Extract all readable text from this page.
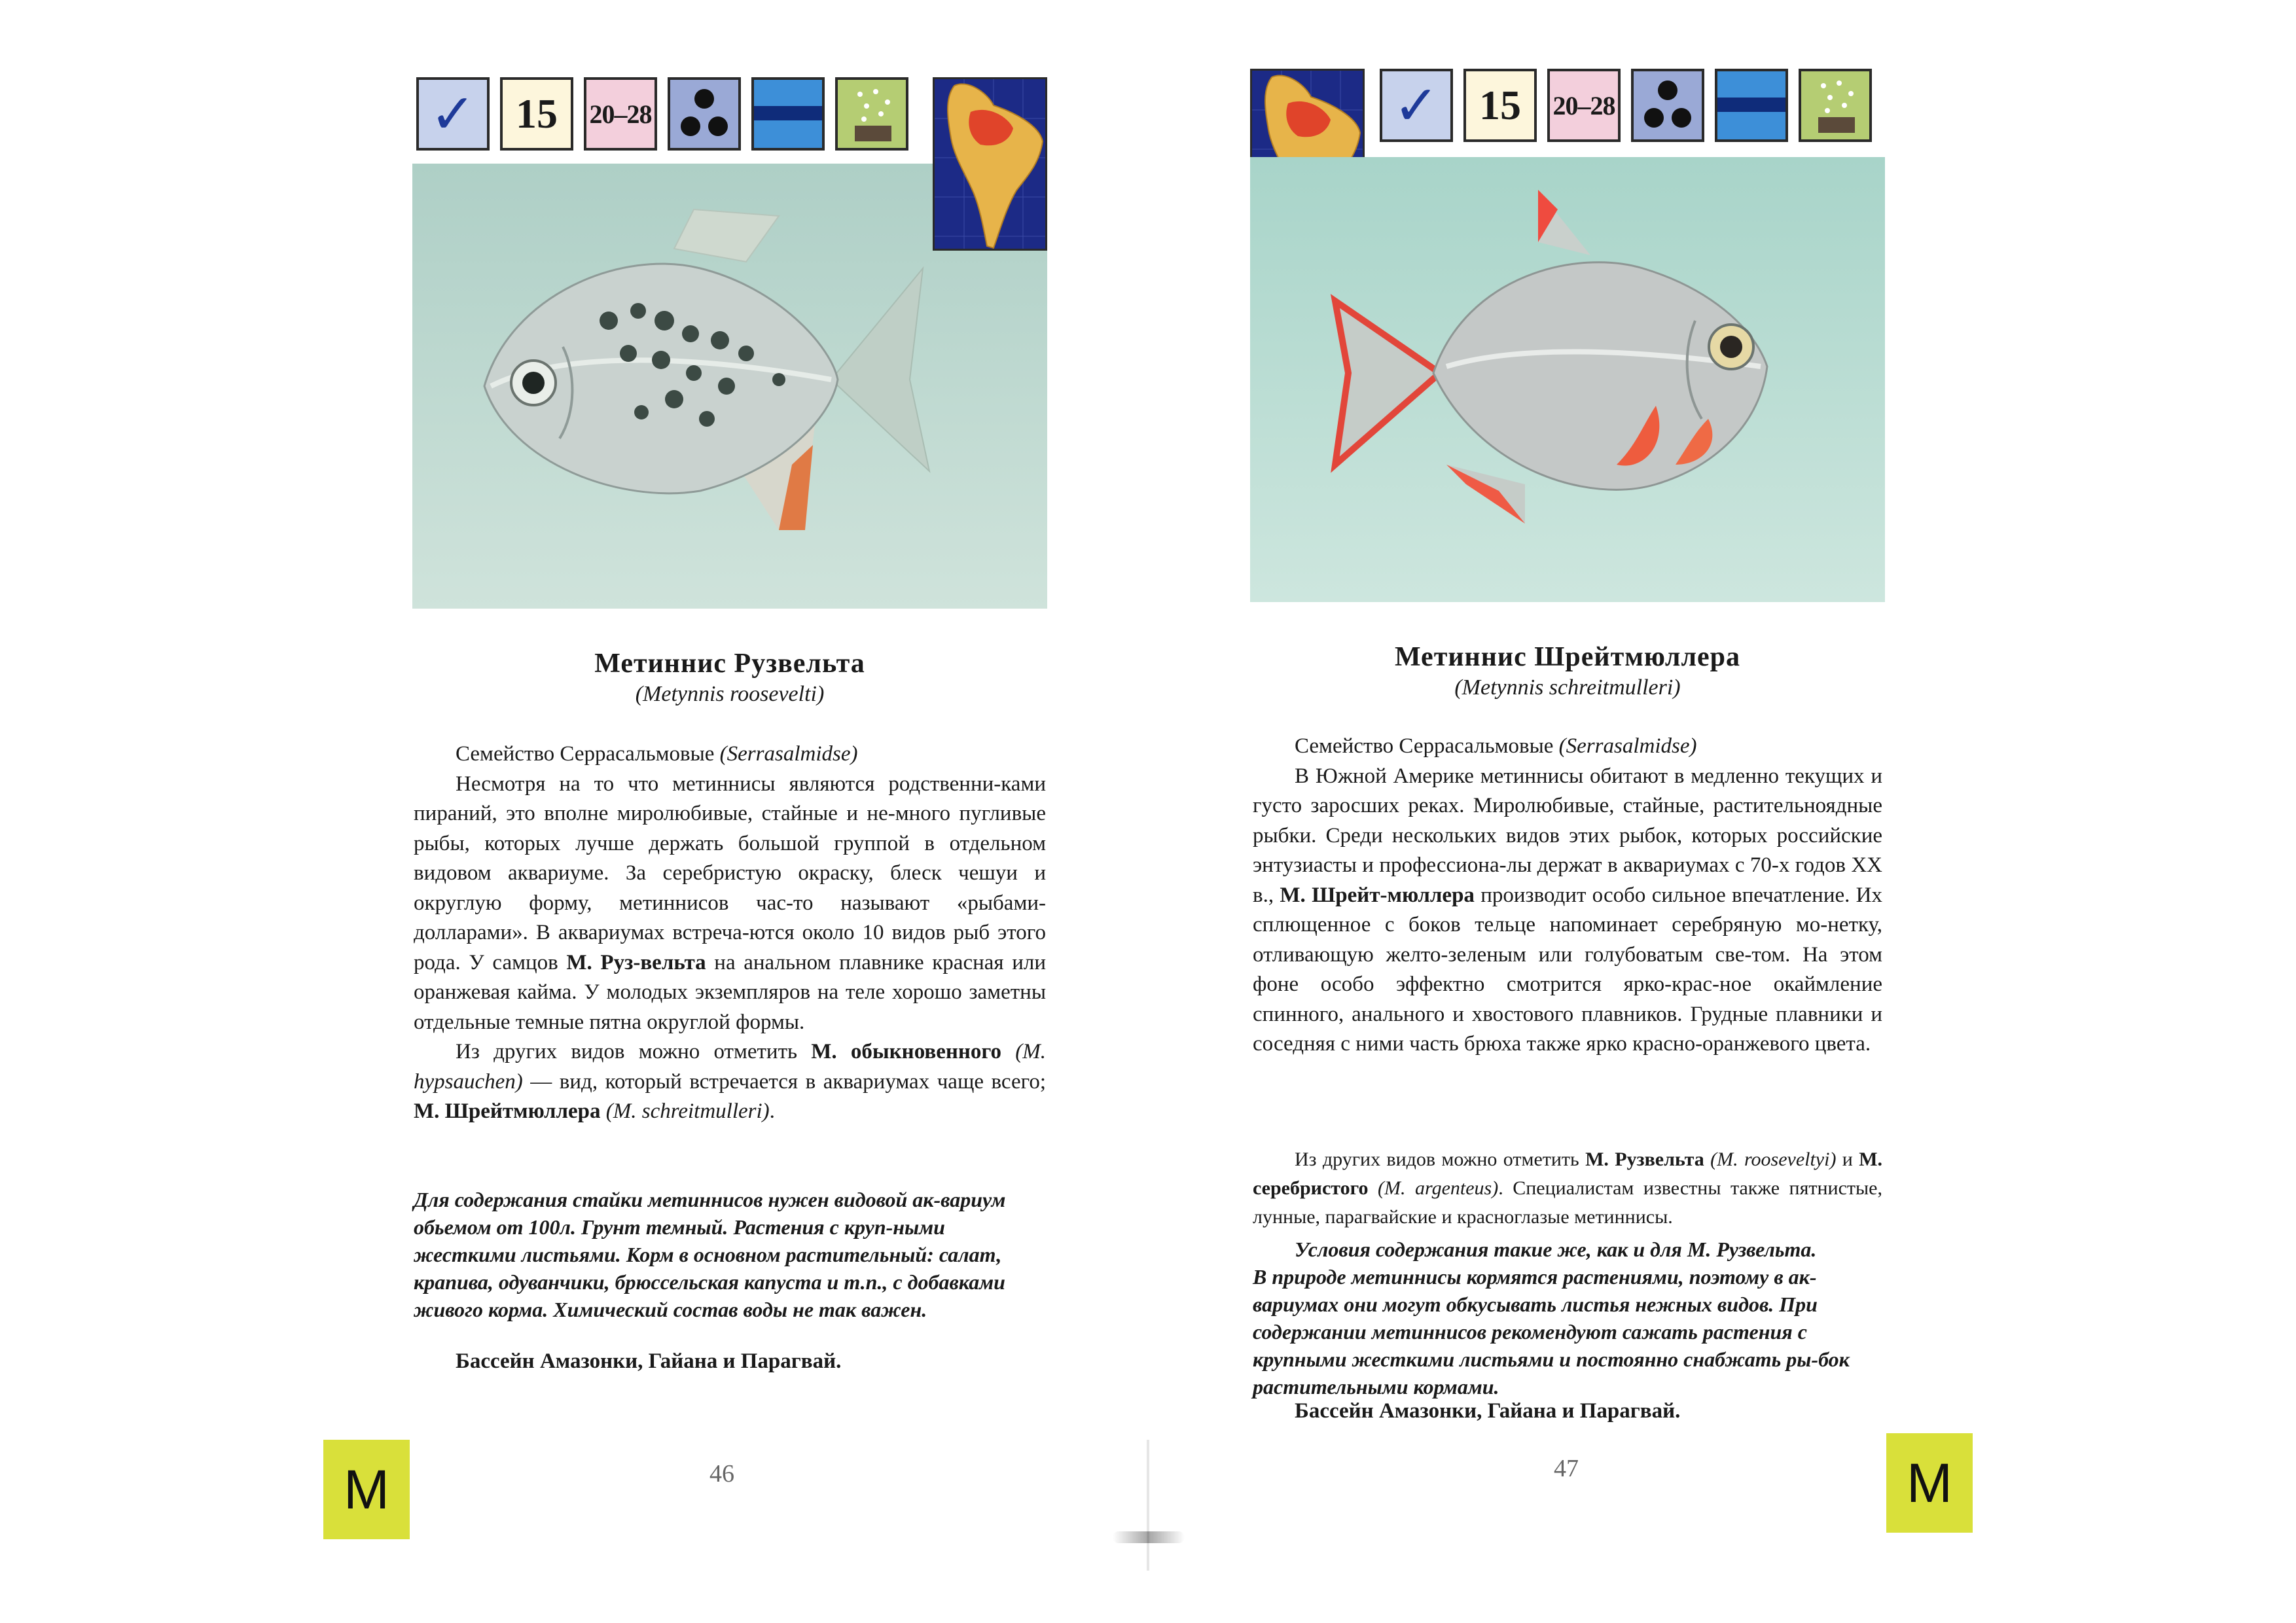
✓ 15 20–28
Метиннис Рузвельта
(Metynnis roosevelti)

Семейство Серрасальмовые (Serrasalmidse)

Несмотря на то что метиннисы являются родственни-ками пираний, это вполне миролюбивые, стайные и не-много пугливые рыбы, которых лучше держать большой группой в отдельном видовом аквариуме. За серебристую окраску, блеск чешуи и округлую форму, метиннисов час-то называют «рыбами-долларами». В аквариумах встреча-ются около 10 видов рыб этого рода. У самцов М. Руз-вельта на анальном плавнике красная или оранжевая кайма. У молодых экземпляров на теле хорошо заметны отдельные темные пятна округлой формы.

Из других видов можно отметить М. обыкновенного (M. hypsauchen) — вид, который встречается в аквариумах чаще всего; М. Шрейтмюллера (M. schreitmulleri).

Для содержания стайки метиннисов нужен видовой ак-вариум обьемом от 100л. Грунт темный. Растения с круп-ными жесткими листьями. Корм в основном растительный: салат, крапива, одуванчики, брюссельская капуста и т.п., с добавками живого корма. Химический состав воды не так важен.

Бассейн Амазонки, Гайана и Парагвай.
M	46
✓ 15 20–28
Метиннис Шрейтмюллера
(Metynnis schreitmulleri)

Семейство Серрасальмовые (Serrasalmidse)

В Южной Америке метиннисы обитают в медленно текущих и густо заросших реках. Миролюбивые, стайные, растительноядные рыбки. Среди нескольких видов этих рыбок, которых российские энтузиасты и профессиона-лы держат в аквариумах с 70-х годов XX в., М. Шрейт-мюллера производит особо сильное впечатление. Их сплющенное с боков тельце напоминает серебряную мо-нетку, отливающую желто-зеленым или голубоватым све-том. На этом фоне особо эффектно смотрится ярко-крас-ное окаймление спинного, анального и хвостового плавников. Грудные плавники и соседняя с ними часть брюха также ярко красно-оранжевого цвета.

Из других видов можно отметить М. Рузвельта (M. rooseveltyi) и М. серебристого (M. argenteus). Специалистам известны также пятнистые, лунные, парагвайские и красноглазые метиннисы.

Условия содержания такие же, как и для М. Рузвельта.

В природе метиннисы кормятся растениями, поэтому в ак-вариумах они могут обкусывать листья нежных видов. При содержании метиннисов рекомендуют сажать растения с крупными жесткими листьями и постоянно снабжать ры-бок растительными кормами.

Бассейн Амазонки, Гайана и Парагвай.
47	M
